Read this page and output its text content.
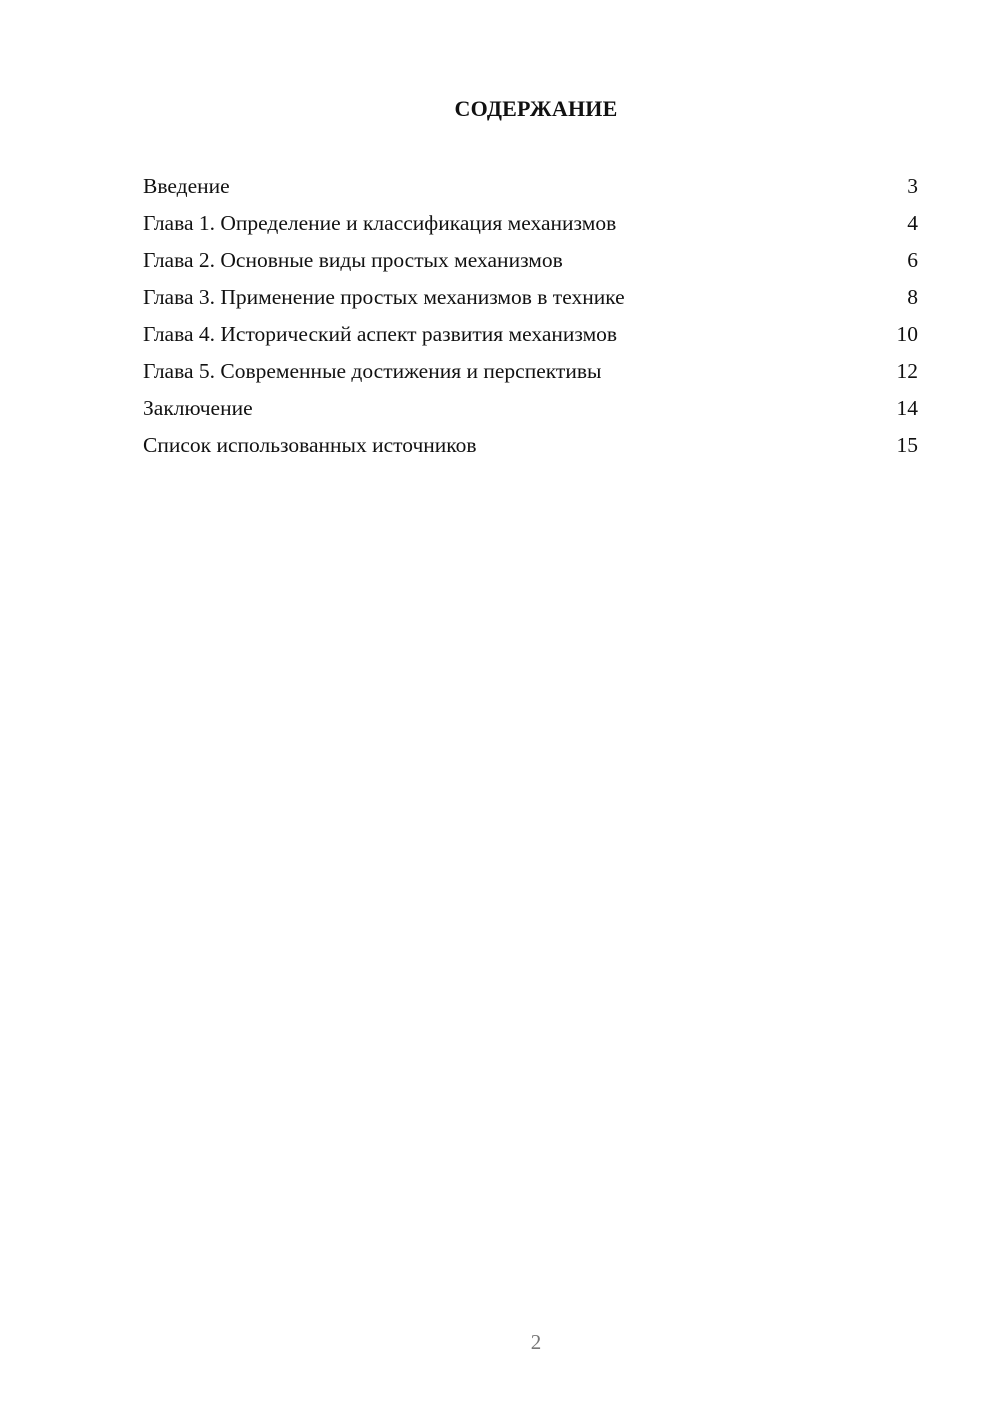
СОДЕРЖАНИЕ
Введение	3
Глава 1. Определение и классификация механизмов	4
Глава 2. Основные виды простых механизмов	6
Глава 3. Применение простых механизмов в технике	8
Глава 4. Исторический аспект развития механизмов	10
Глава 5. Современные достижения и перспективы	12
Заключение	14
Список использованных источников	15
2
